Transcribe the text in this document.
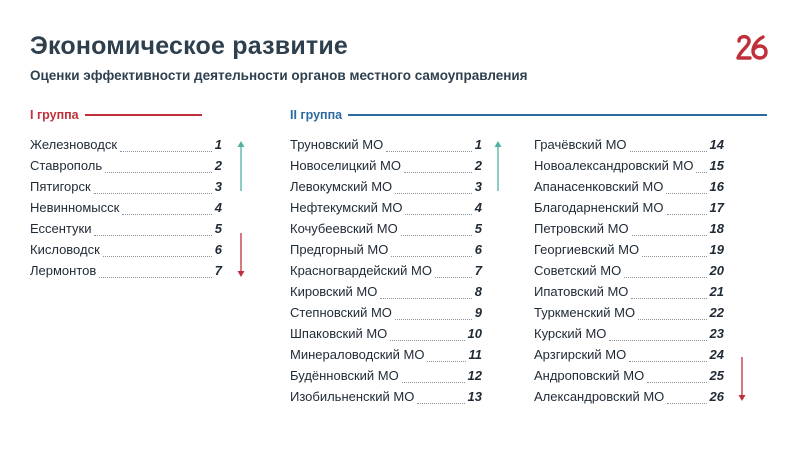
Экономическое развитие

Оценки эффективности деятельности органов местного самоуправления

I группа	II группа
Железноводск	1
Ставрополь	2
Пятигорск	3
Невинномысск	4
Ессентуки	5
Кисловодск	6
Лермонтов	7
Труновский МО	1
Новоселицкий МО	2
Левокумский МО	3
Нефтекумский МО	4
Кочубеевский МО	5
Предгорный МО	6
Красногвардейский МО	7
Кировский МО	8
Степновский МО	9
Шпаковский МО	10
Минераловодский МО	11
Будённовский МО	12
Изобильненский МО	13
Грачёвский МО	14
Новоалександровский МО 15
Апанасенковский МО	16
Благодарненский МО	17
Петровский МО	18
Георгиевский МО	19
Советский МО	20
Ипатовский МО	21
Туркменский МО	22
Курский МО	23
Арзгирский МО	24
Андроповский МО	25
Александровский МО	26
